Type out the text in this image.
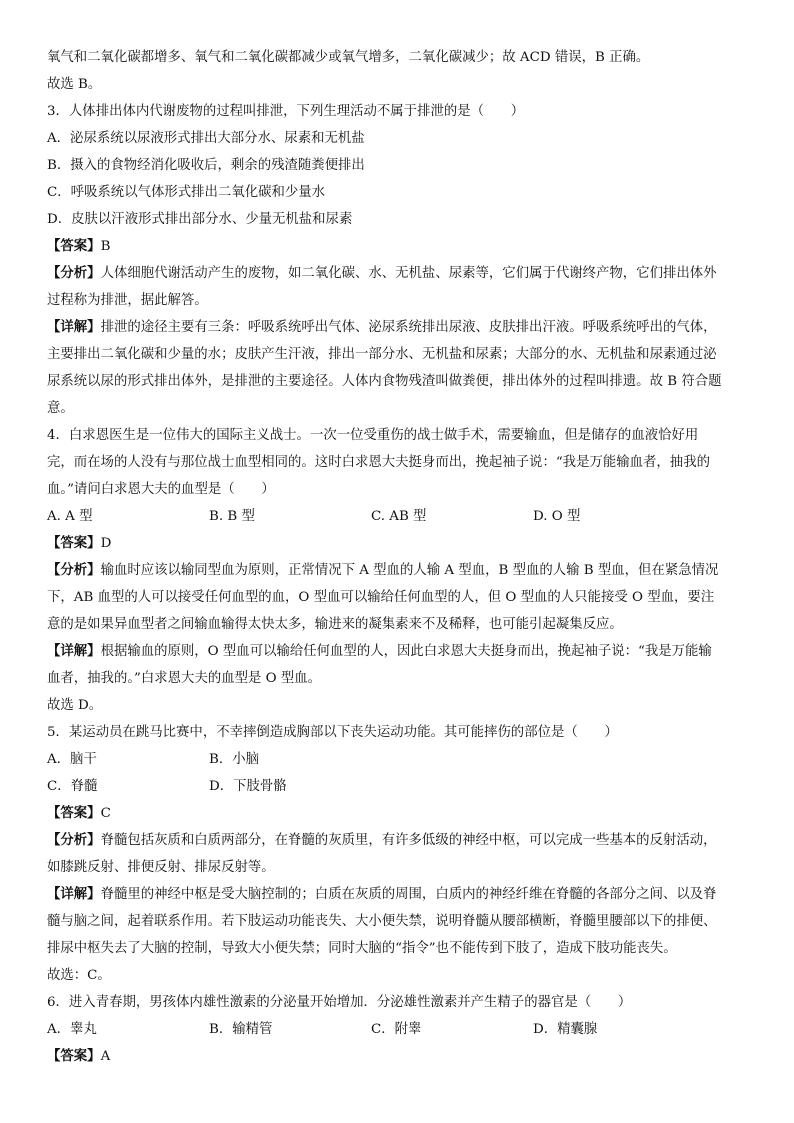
氧气和二氧化碳都增多、氧气和二氧化碳都减少或氧气增多，二氧化碳减少；故 ACD 错误，B 正确。
故选 B。
3．人体排出体内代谢废物的过程叫排泄，下列生理活动不属于排泄的是（　　）
A．泌尿系统以尿液形式排出大部分水、尿素和无机盐
B．摄入的食物经消化吸收后，剩余的残渣随粪便排出
C．呼吸系统以气体形式排出二氧化碳和少量水
D．皮肤以汗液形式排出部分水、少量无机盐和尿素
【答案】B
【分析】人体细胞代谢活动产生的废物，如二氧化碳、水、无机盐、尿素等，它们属于代谢终产物，它们排出体外
过程称为排泄，据此解答。
【详解】排泄的途径主要有三条：呼吸系统呼出气体、泌尿系统排出尿液、皮肤排出汗液。呼吸系统呼出的气体，
主要排出二氧化碳和少量的水；皮肤产生汗液，排出一部分水、无机盐和尿素；大部分的水、无机盐和尿素通过泌
尿系统以尿的形式排出体外，是排泄的主要途径。人体内食物残渣叫做粪便，排出体外的过程叫排遗。故 B 符合题
意。
4．白求恩医生是一位伟大的国际主义战士。一次一位受重伤的战士做手术，需要输血，但是储存的血液恰好用
完，而在场的人没有与那位战士血型相同的。这时白求恩大夫挺身而出，挽起袖子说：“我是万能输血者，抽我的
血。”请问白求恩大夫的血型是（　　）
A. A 型	B. B 型	C. AB 型	D. O 型
【答案】D
【分析】输血时应该以输同型血为原则，正常情况下 A 型血的人输 A 型血，B 型血的人输 B 型血，但在紧急情况
下，AB 血型的人可以接受任何血型的血，O 型血可以输给任何血型的人，但 O 型血的人只能接受 O 型血，要注
意的是如果异血型者之间输血输得太快太多，输进来的凝集素来不及稀释，也可能引起凝集反应。
【详解】根据输血的原则，O 型血可以输给任何血型的人，因此白求恩大夫挺身而出，挽起袖子说：“我是万能输
血者，抽我的。”白求恩大夫的血型是 O 型血。
故选 D。
5．某运动员在跳马比赛中，不幸摔倒造成胸部以下丧失运动功能。其可能摔伤的部位是（　　）
A．脑干	B．小脑
C．脊髓	D．下肢骨骼
【答案】C
【分析】脊髓包括灰质和白质两部分，在脊髓的灰质里，有许多低级的神经中枢，可以完成一些基本的反射活动，
如膝跳反射、排便反射、排尿反射等。
【详解】脊髓里的神经中枢是受大脑控制的；白质在灰质的周围，白质内的神经纤维在脊髓的各部分之间、以及脊
髓与脑之间，起着联系作用。若下肢运动功能丧失、大小便失禁，说明脊髓从腰部横断，脊髓里腰部以下的排便、
排尿中枢失去了大脑的控制，导致大小便失禁；同时大脑的“指令”也不能传到下肢了，造成下肢功能丧失。
故选：C。
6．进入青春期，男孩体内雄性激素的分泌量开始增加．分泌雄性激素并产生精子的器官是（　　）
A．睾丸	B．输精管	C．附睾	D．精囊腺
【答案】A
